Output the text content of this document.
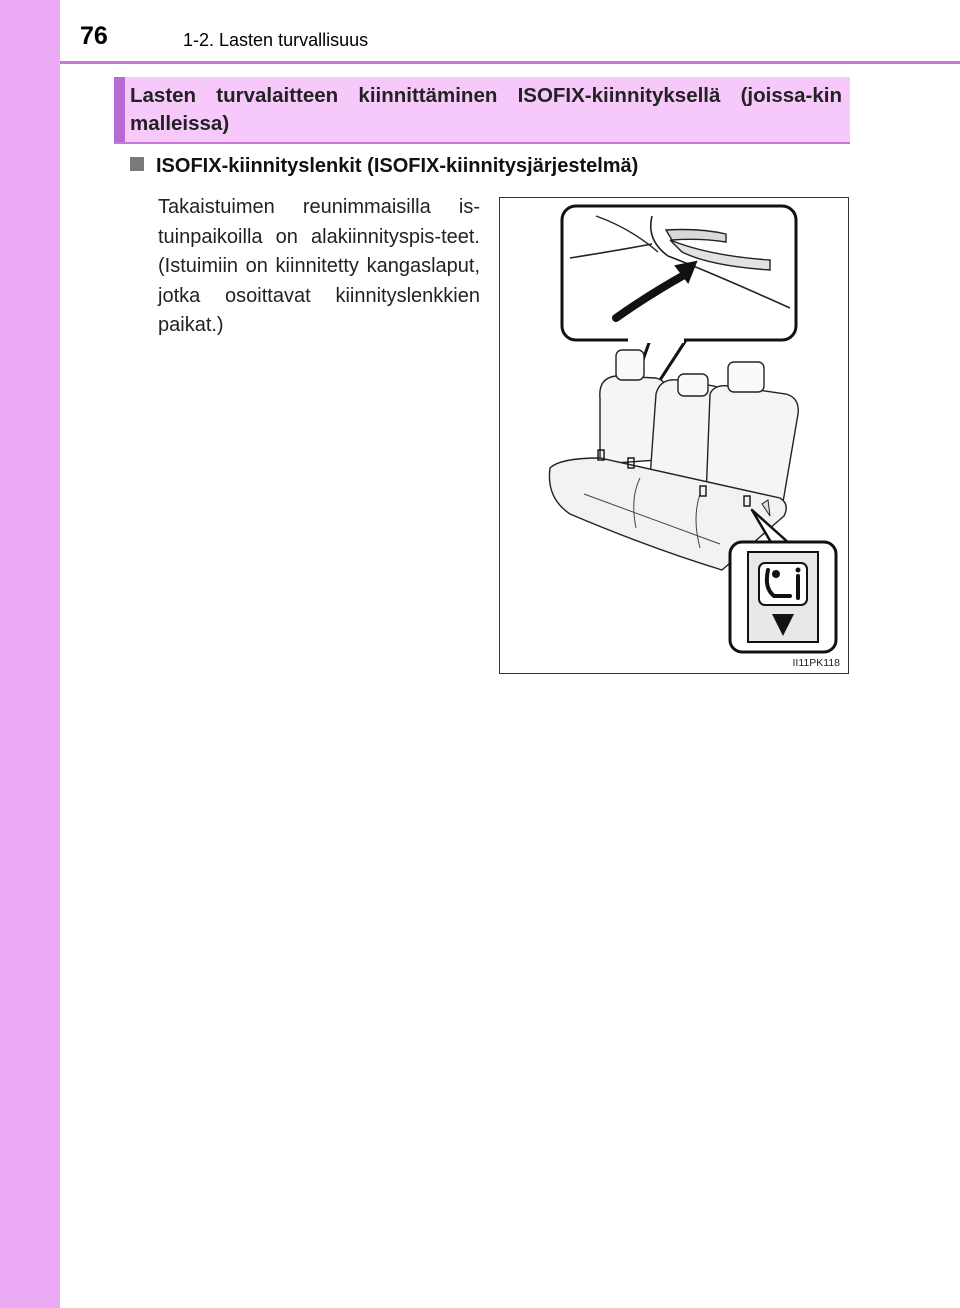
76	1-2. Lasten turvallisuus
Lasten turvalaitteen kiinnittäminen ISOFIX-kiinnityksellä (joissa-kin malleissa)
ISOFIX-kiinnityslenkit (ISOFIX-kiinnitysjärjestelmä)
Takaistuimen reunimmaisilla is-tuinpaikoilla on alakiinnityspis-teet. (Istuimiin on kiinnitetty kangaslaput, jotka osoittavat kiinnityslenkkien paikat.)
II11PK118
